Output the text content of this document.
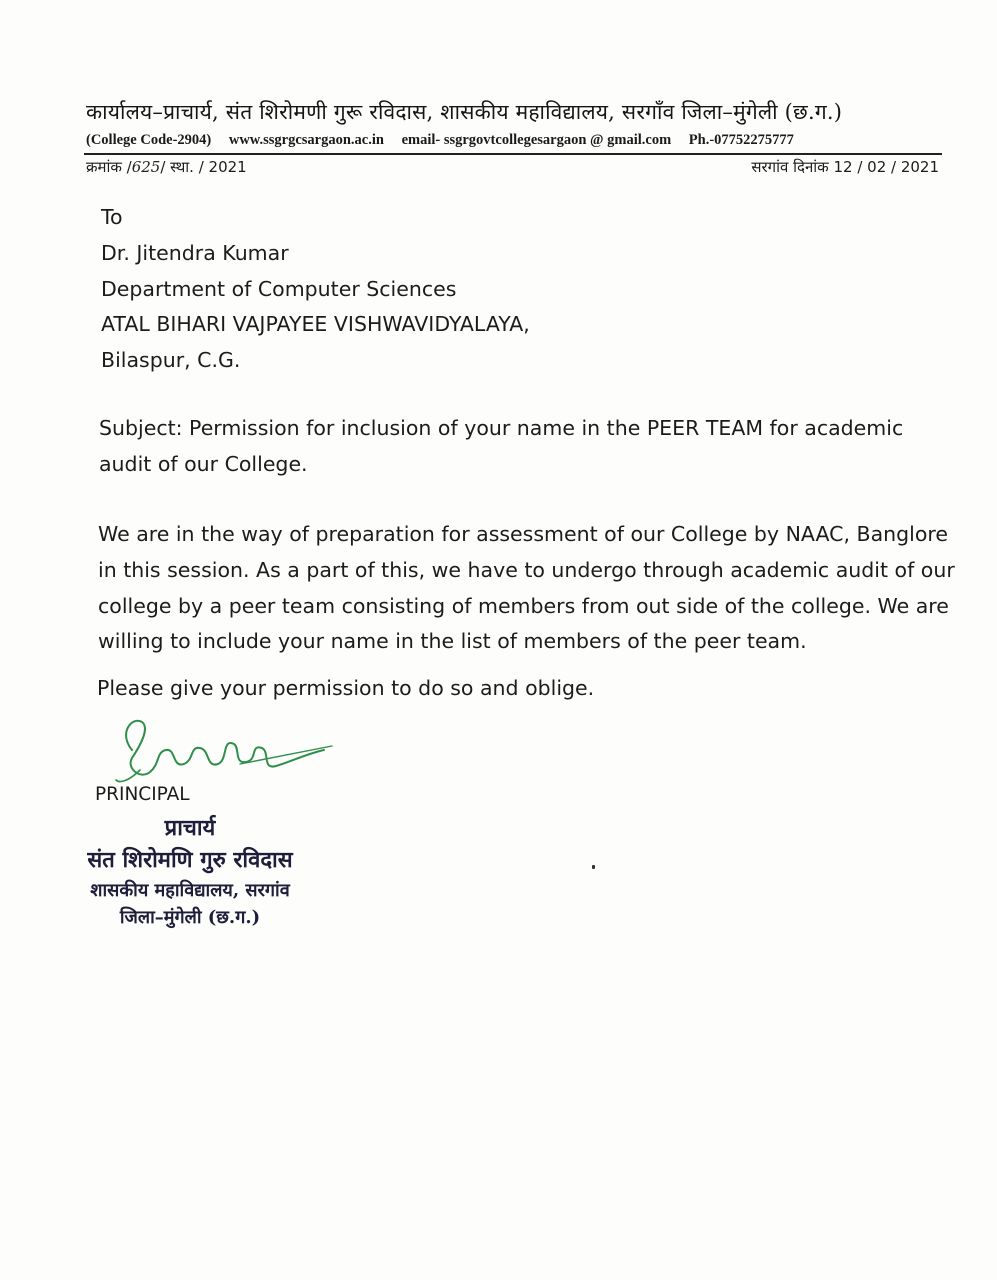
कार्यालय–प्राचार्य, संत शिरोमणी गुरू रविदास, शासकीय महाविद्यालय, सरगाँव जिला–मुंगेली (छ.ग.)
(College Code-2904) www.ssgrgcsargaon.ac.in email- ssgrgovtcollegesargaon @ gmail.com Ph.-07752275777
क्रमांक /625/ स्था. / 2021	सरगांव दिनांक 12 / 02 / 2021
To
Dr. Jitendra Kumar
Department of Computer Sciences
ATAL BIHARI VAJPAYEE VISHWAVIDYALAYA,
Bilaspur, C.G.
Subject: Permission for inclusion of your name in the PEER TEAM for academic audit of our College.
We are in the way of preparation for assessment of our College by NAAC, Banglore in this session. As a part of this, we have to undergo through academic audit of our college by a peer team consisting of members from out side of the college. We are willing to include your name in the list of members of the peer team.
Please give your permission to do so and oblige.
PRINCIPAL
प्राचार्य
संत शिरोमणि गुरु रविदास
शासकीय महाविद्यालय, सरगांव
जिला–मुंगेली (छ.ग.)
